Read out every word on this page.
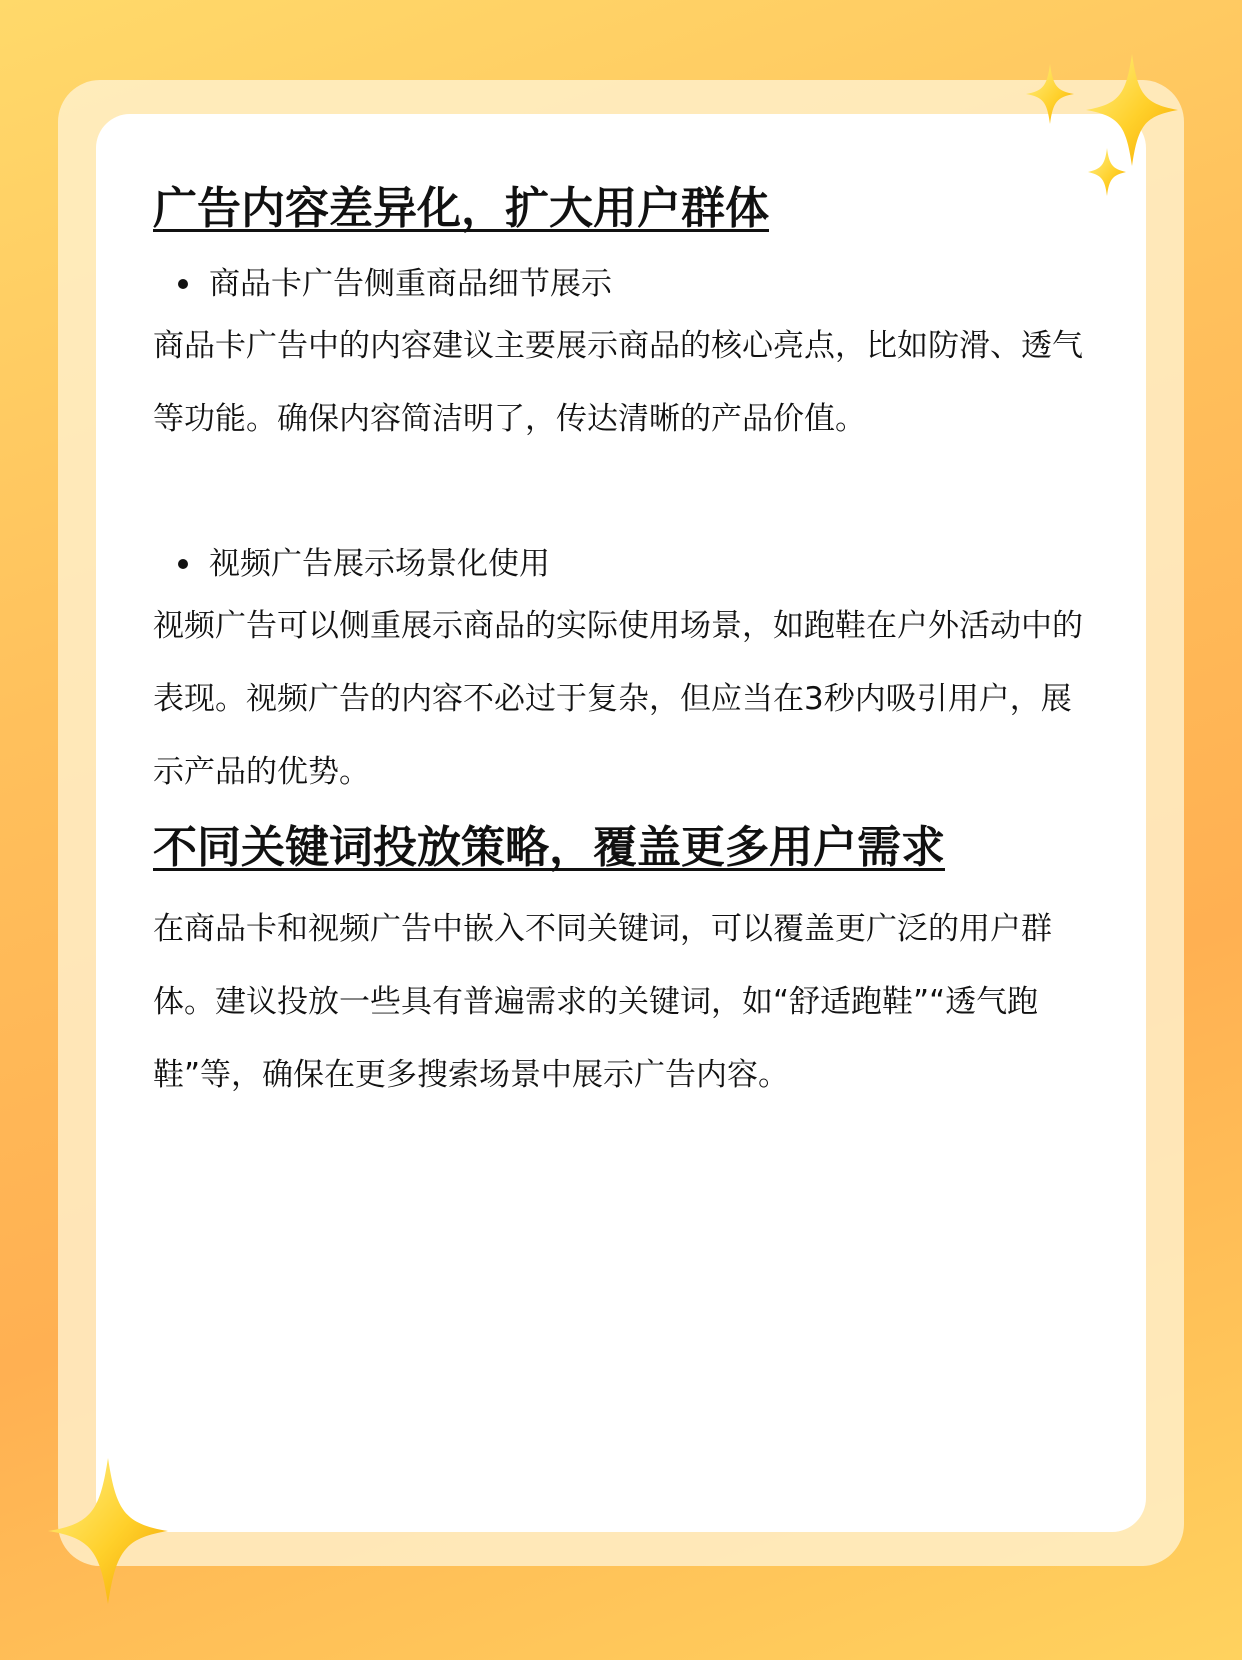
广告内容差异化，扩大用户群体

商品卡广告侧重商品细节展示

商品卡广告中的内容建议主要展示商品的核心亮点，比如防滑、透气等功能。确保内容简洁明了，传达清晰的产品价值。

视频广告展示场景化使用

视频广告可以侧重展示商品的实际使用场景，如跑鞋在户外活动中的表现。视频广告的内容不必过于复杂，但应当在3秒内吸引用户，展示产品的优势。

不同关键词投放策略，覆盖更多用户需求

在商品卡和视频广告中嵌入不同关键词，可以覆盖更广泛的用户群体。建议投放一些具有普遍需求的关键词，如“舒适跑鞋”“透气跑鞋”等，确保在更多搜索场景中展示广告内容。
